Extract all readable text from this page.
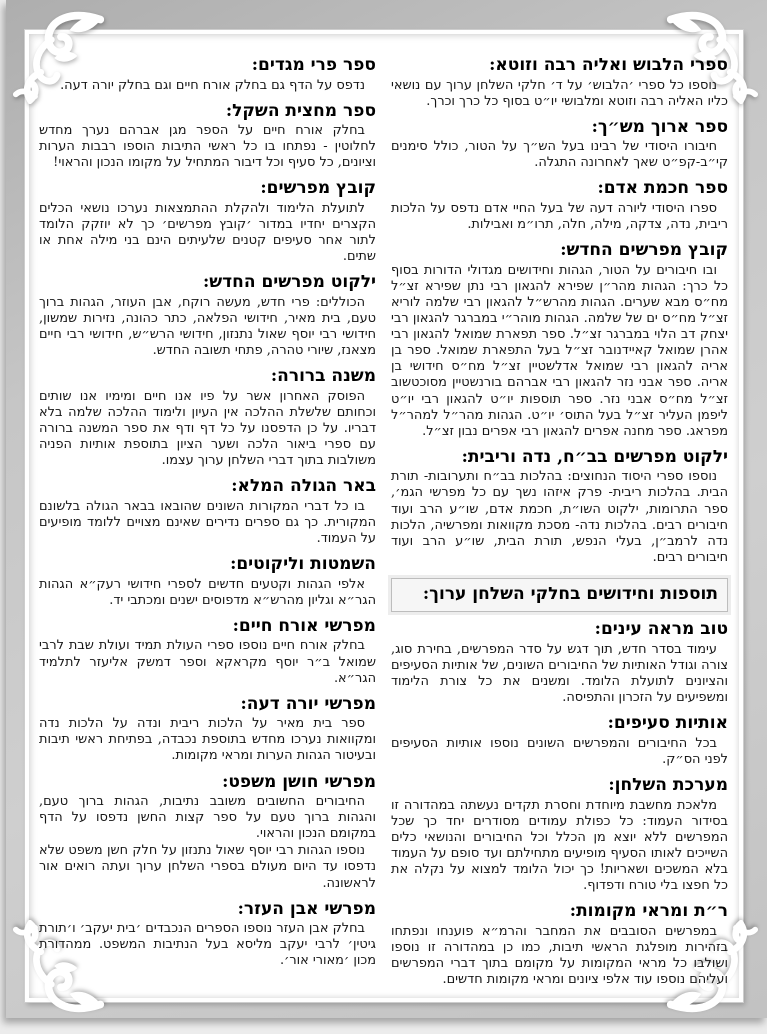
ספרי הלבוש ואליה רבה וזוטא:

נוספו כל ספרי ׳הלבוש׳ על ד׳ חלקי השלחן ערוך עם נושאי כליו האליה רבה וזוטא ומלבושי יו״ט בסוף כל כרך וכרך.

ספר ארוך מש״ך:

חיבורו היסודי של רבינו בעל הש״ך על הטור, כולל סימנים קי״ב-קפ״ט שאך לאחרונה התגלה.

ספר חכמת אדם:

ספרו היסודי ליורה דעה של בעל החיי אדם נדפס על הלכות ריבית, נדה, צדקה, מילה, חלה, תרו״מ ואבילות.

קובץ מפרשים החדש:

ובו חיבורים על הטור, הגהות וחידושים מגדולי הדורות בסוף כל כרך: הגהות מהר״ן שפירא להגאון רבי נתן שפירא זצ״ל מח״ס מבא שערים. הגהות מהרש״ל להגאון רבי שלמה לוריא זצ״ל מח״ס ים של שלמה. הגהות מוהר״י במברגר להגאון רבי יצחק דב הלוי במברגר זצ״ל. ספר תפארת שמואל להגאון רבי אהרן שמואל קאיידנובר זצ״ל בעל התפארת שמואל. ספר בן אריה להגאון רבי שמואל אדלשטיין זצ״ל מח״ס חידושי בן אריה. ספר אבני נזר להגאון רבי אברהם בורנשטיין מסוכטשוב זצ״ל מח״ס אבני נזר. ספר תוספות יו״ט להגאון רבי יו״ט ליפמן העליר זצ״ל בעל התוס׳ יו״ט. הגהות מהר״ל למהר״ל מפראג. ספר מחנה אפרים להגאון רבי אפרים נבון זצ״ל.

ילקוט מפרשים בב״ח, נדה וריבית:

נוספו ספרי היסוד הנחוצים: בהלכות בב״ח ותערובות- תורת הבית. בהלכות ריבית- פרק איזהו נשך עם כל מפרשי הגמ׳, ספר התרומות, ילקוט השו״ת, חכמת אדם, שו״ע הרב ועוד חיבורים רבים. בהלכות נדה- מסכת מקוואות ומפרשיה, הלכות נדה לרמב״ן, בעלי הנפש, תורת הבית, שו״ע הרב ועוד חיבורים רבים.

תוספות וחידושים בחלקי השלחן ערוך:
טוב מראה עינים:

עימוד בסדר חדש, תוך דגש על סדר המפרשים, בחירת סוג, צורה וגודל האותיות של החיבורים השונים, של אותיות הסעיפים והציונים לתועלת הלומד. ומשנים את כל צורת הלימוד ומשפיעים על הזכרון והתפיסה.

אותיות סעיפים:

בכל החיבורים והמפרשים השונים נוספו אותיות הסעיפים לפני הס״ק.

מערכת השלחן:

מלאכת מחשבת מיוחדת וחסרת תקדים נעשתה במהדורה זו בסידור העמוד: כל כפולת עמודים מסודרים יחד כך שכל המפרשים ללא יוצא מן הכלל וכל החיבורים והנושאי כלים השייכים לאותו הסעיף מופיעים מתחילתם ועד סופם על העמוד בלא המשכים ושאריות! כך יכול הלומד למצוא על נקלה את כל חפצו בלי טורח ודפדוף.

ר״ת ומראי מקומות:

במפרשים הסובבים את המחבר והרמ״א פוענחו ונפתחו בזהירות מופלגת הראשי תיבות, כמו כן במהדורה זו נוספו ושולבו כל מראי המקומות על מקומם בתוך דברי המפרשים ועליהם נוספו עוד אלפי ציונים ומראי מקומות חדשים.

ספר פרי מגדים:

נדפס על הדף גם בחלק אורח חיים וגם בחלק יורה דעה.

ספר מחצית השקל:

בחלק אורח חיים על הספר מגן אברהם נערך מחדש לחלוטין - נפתחו בו כל ראשי התיבות הוספו רבבות הערות וציונים, כל סעיף וכל דיבור המתחיל על מקומו הנכון והראוי!

קובץ מפרשים:

לתועלת הלימוד ולהקלת ההתמצאות נערכו נושאי הכלים הקצרים יחדיו במדור ׳קובץ מפרשים׳ כך לא יוזקק הלומד לתור אחר סעיפים קטנים שלעיתים הינם בני מילה אחת או שתים.

ילקוט מפרשים החדש:

הכוללים: פרי חדש, מעשה רוקח, אבן העוזר, הגהות ברוך טעם, בית מאיר, חידושי הפלאה, כתר כהונה, נזירות שמשון, חידושי רבי יוסף שאול נתנזון, חידושי הרש״ש, חידושי רבי חיים מצאנז, שיורי טהרה, פתחי תשובה החדש.

משנה ברורה:

הפוסק האחרון אשר על פיו אנו חיים ומימיו אנו שותים וכחותם שלשלת ההלכה אין העיון ולימוד ההלכה שלמה בלא דבריו. על כן הדפסנו על כל דף ודף את ספר המשנה ברורה עם ספרי ביאור הלכה ושער הציון בתוספת אותיות הפניה משולבות בתוך דברי השלחן ערוך עצמו.

באר הגולה המלא:

בו כל דברי המקורות השונים שהובאו בבאר הגולה בלשונם המקורית. כך גם ספרים נדירים שאינם מצויים ללומד מופיעים על העמוד.

השמטות וליקוטים:

אלפי הגהות וקטעים חדשים לספרי חידושי רעק״א הגהות הגר״א וגליון מהרש״א מדפוסים ישנים ומכתבי יד.

מפרשי אורח חיים:

בחלק אורח חיים נוספו ספרי העולת תמיד ועולת שבת לרבי שמואל ב״ר יוסף מקראקא וספר דמשק אליעזר לתלמיד הגר״א.

מפרשי יורה דעה:

ספר בית מאיר על הלכות ריבית ונדה על הלכות נדה ומקוואות נערכו מחדש בתוספת נכבדה, בפתיחת ראשי תיבות ובעיטור הגהות הערות ומראי מקומות.

מפרשי חושן משפט:

החיבורים החשובים משובב נתיבות, הגהות ברוך טעם, והגהות ברוך טעם על ספר קצות החשן נדפסו על הדף במקומם הנכון והראוי.

נוספו הגהות רבי יוסף שאול נתנזון על חלק חשן משפט שלא נדפסו עד היום מעולם בספרי השלחן ערוך ועתה רואים אור לראשונה.

מפרשי אבן העזר:

בחלק אבן העזר נוספו הספרים הנכבדים ׳בית יעקב׳ ו׳תורת גיטין׳ לרבי יעקב מליסא בעל הנתיבות המשפט. ממהדורת מכון ׳מאורי אור׳.
